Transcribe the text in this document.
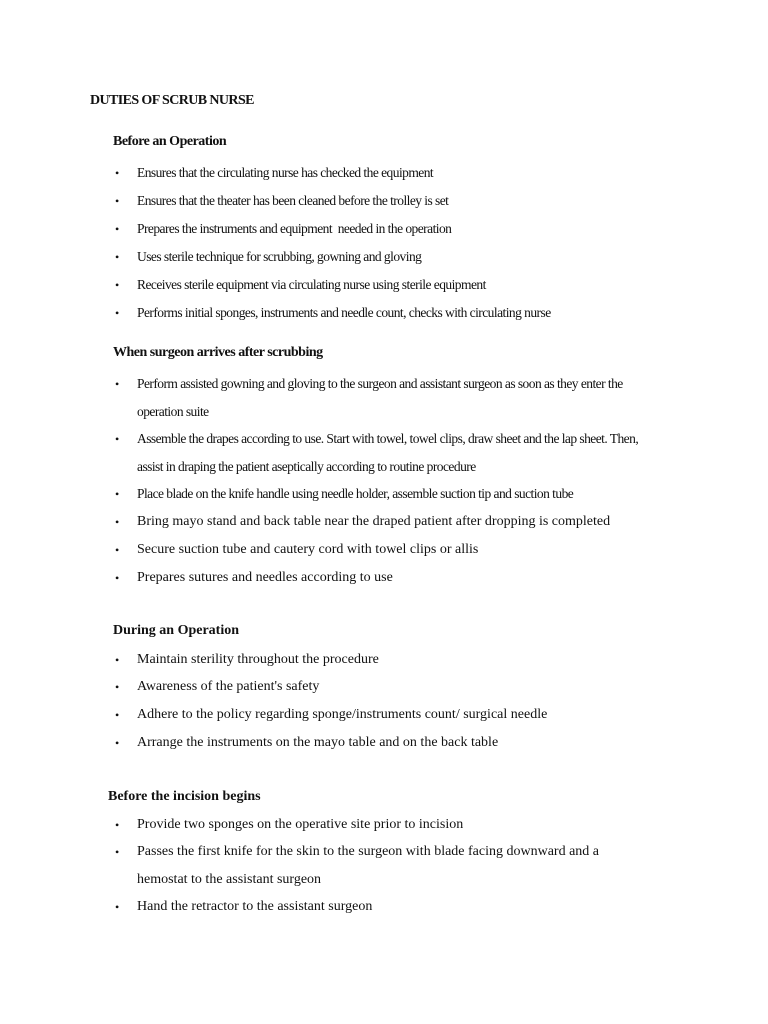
DUTIES OF SCRUB NURSE
Before an Operation
•	Ensures that the circulating nurse has checked the equipment
•	Ensures that the theater has been cleaned before the trolley is set
•	Prepares the instruments and equipment  needed in the operation
•	Uses sterile technique for scrubbing, gowning and gloving
•	Receives sterile equipment via circulating nurse using sterile equipment
•	Performs initial sponges, instruments and needle count, checks with circulating nurse
When surgeon arrives after scrubbing
•	Perform assisted gowning and gloving to the surgeon and assistant surgeon as soon as they enter the
operation suite
•	Assemble the drapes according to use. Start with towel, towel clips, draw sheet and the lap sheet. Then,
assist in draping the patient aseptically according to routine procedure
•	Place blade on the knife handle using needle holder, assemble suction tip and suction tube
•	Bring mayo stand and back table near the draped patient after dropping is completed
•	Secure suction tube and cautery cord with towel clips or allis
•	Prepares sutures and needles according to use
During an Operation
•	Maintain sterility throughout the procedure
•	Awareness of the patient's safety
•	Adhere to the policy regarding sponge/instruments count/ surgical needle
•	Arrange the instruments on the mayo table and on the back table
Before the incision begins
•	Provide two sponges on the operative site prior to incision
•	Passes the first knife for the skin to the surgeon with blade facing downward and a
hemostat to the assistant surgeon
•	Hand the retractor to the assistant surgeon
